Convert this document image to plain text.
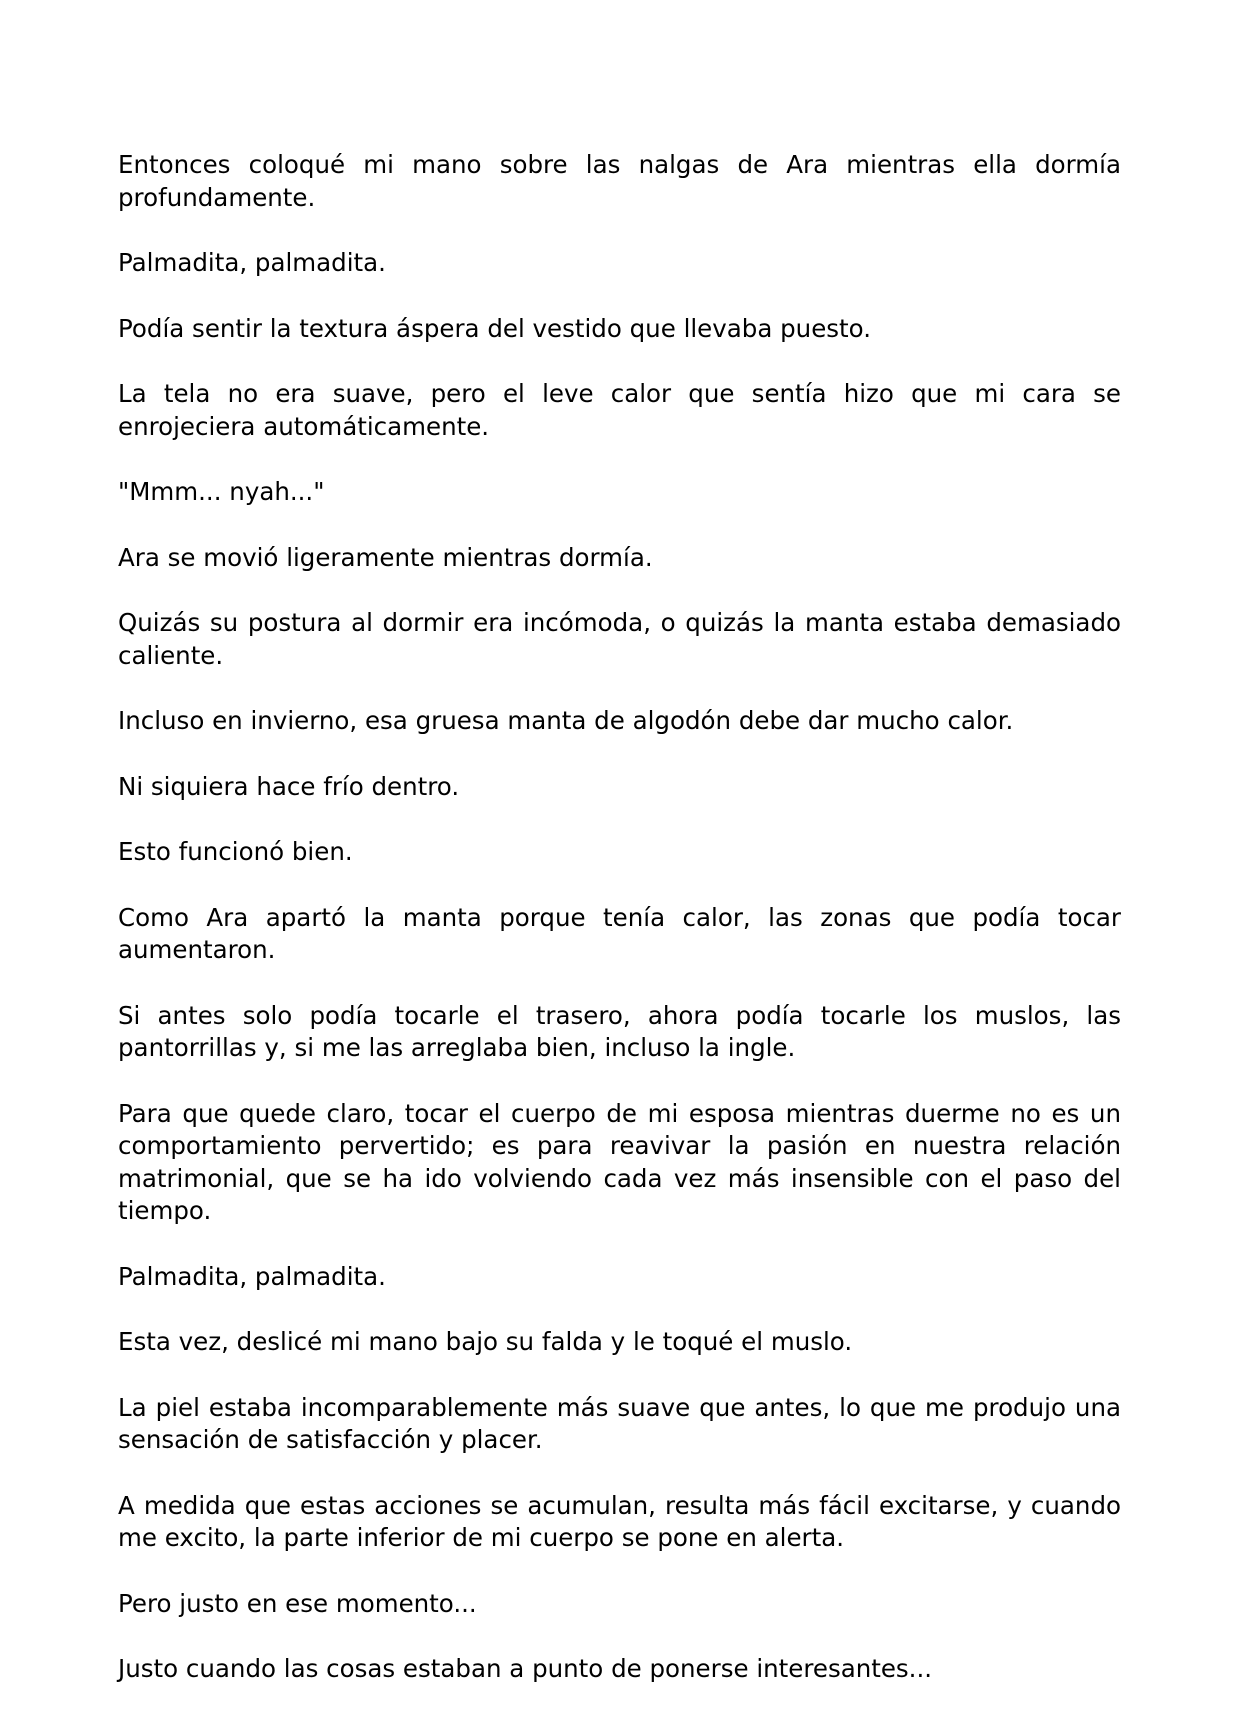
Entonces coloqué mi mano sobre las nalgas de Ara mientras ella dormía profundamente.

Palmadita, palmadita.

Podía sentir la textura áspera del vestido que llevaba puesto.

La tela no era suave, pero el leve calor que sentía hizo que mi cara se enrojeciera automáticamente.

"Mmm... nyah..."

Ara se movió ligeramente mientras dormía.

Quizás su postura al dormir era incómoda, o quizás la manta estaba demasiado caliente.

Incluso en invierno, esa gruesa manta de algodón debe dar mucho calor.

Ni siquiera hace frío dentro.

Esto funcionó bien.

Como Ara apartó la manta porque tenía calor, las zonas que podía tocar aumentaron.

Si antes solo podía tocarle el trasero, ahora podía tocarle los muslos, las pantorrillas y, si me las arreglaba bien, incluso la ingle.

Para que quede claro, tocar el cuerpo de mi esposa mientras duerme no es un comportamiento pervertido; es para reavivar la pasión en nuestra relación matrimonial, que se ha ido volviendo cada vez más insensible con el paso del tiempo.

Palmadita, palmadita.

Esta vez, deslicé mi mano bajo su falda y le toqué el muslo.

La piel estaba incomparablemente más suave que antes, lo que me produjo una sensación de satisfacción y placer.

A medida que estas acciones se acumulan, resulta más fácil excitarse, y cuando me excito, la parte inferior de mi cuerpo se pone en alerta.

Pero justo en ese momento...

Justo cuando las cosas estaban a punto de ponerse interesantes...
